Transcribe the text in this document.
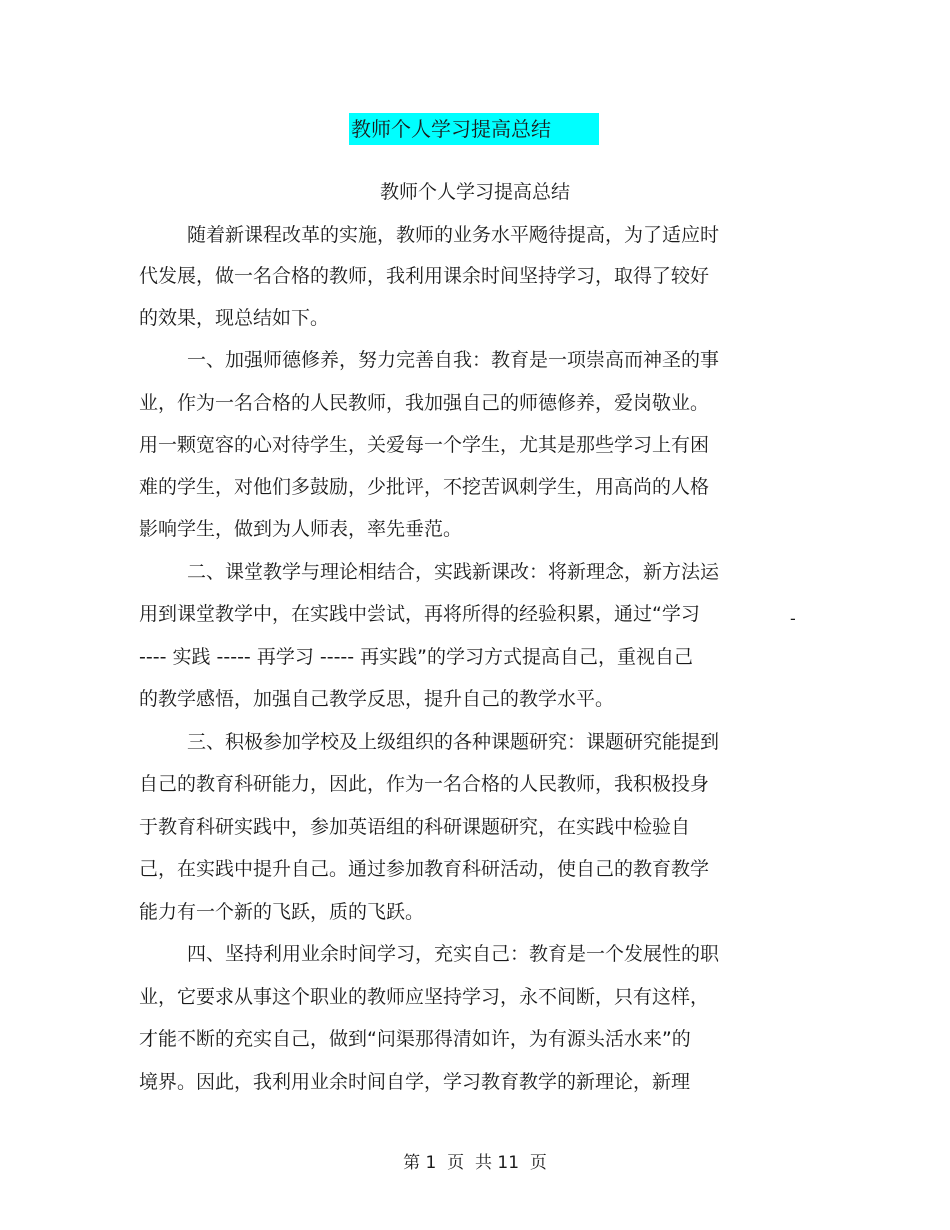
教师个人学习提高总结
教师个人学习提高总结
随着新课程改革的实施，教师的业务水平飏待提高，为了适应时
代发展，做一名合格的教师，我利用课余时间坚持学习，取得了较好
的效果，现总结如下。
一、加强师德修养，努力完善自我：教育是一项崇高而神圣的事
业，作为一名合格的人民教师，我加强自己的师德修养，爱岗敬业。
用一颗宽容的心对待学生，关爱每一个学生，尤其是那些学习上有困
难的学生，对他们多鼓励，少批评，不挖苦讽刺学生，用高尚的人格
影响学生，做到为人师表，率先垂范。
二、课堂教学与理论相结合，实践新课改：将新理念，新方法运
用到课堂教学中，在实践中尝试，再将所得的经验积累，通过“学习	-
---- 实践 ----- 再学习 ----- 再实践”的学习方式提高自己，重视自己
的教学感悟，加强自己教学反思，提升自己的教学水平。
三、积极参加学校及上级组织的各种课题研究：课题研究能提到
自己的教育科研能力，因此，作为一名合格的人民教师，我积极投身
于教育科研实践中，参加英语组的科研课题研究，在实践中检验自
己，在实践中提升自己。通过参加教育科研活动，使自己的教育教学
能力有一个新的飞跃，质的飞跃。
四、坚持利用业余时间学习，充实自己：教育是一个发展性的职
业，它要求从事这个职业的教师应坚持学习，永不间断，只有这样，
才能不断的充实自己，做到“问渠那得清如许，为有源头活水来”的
境界。因此，我利用业余时间自学，学习教育教学的新理论，新理
第 1  页  共 11  页
